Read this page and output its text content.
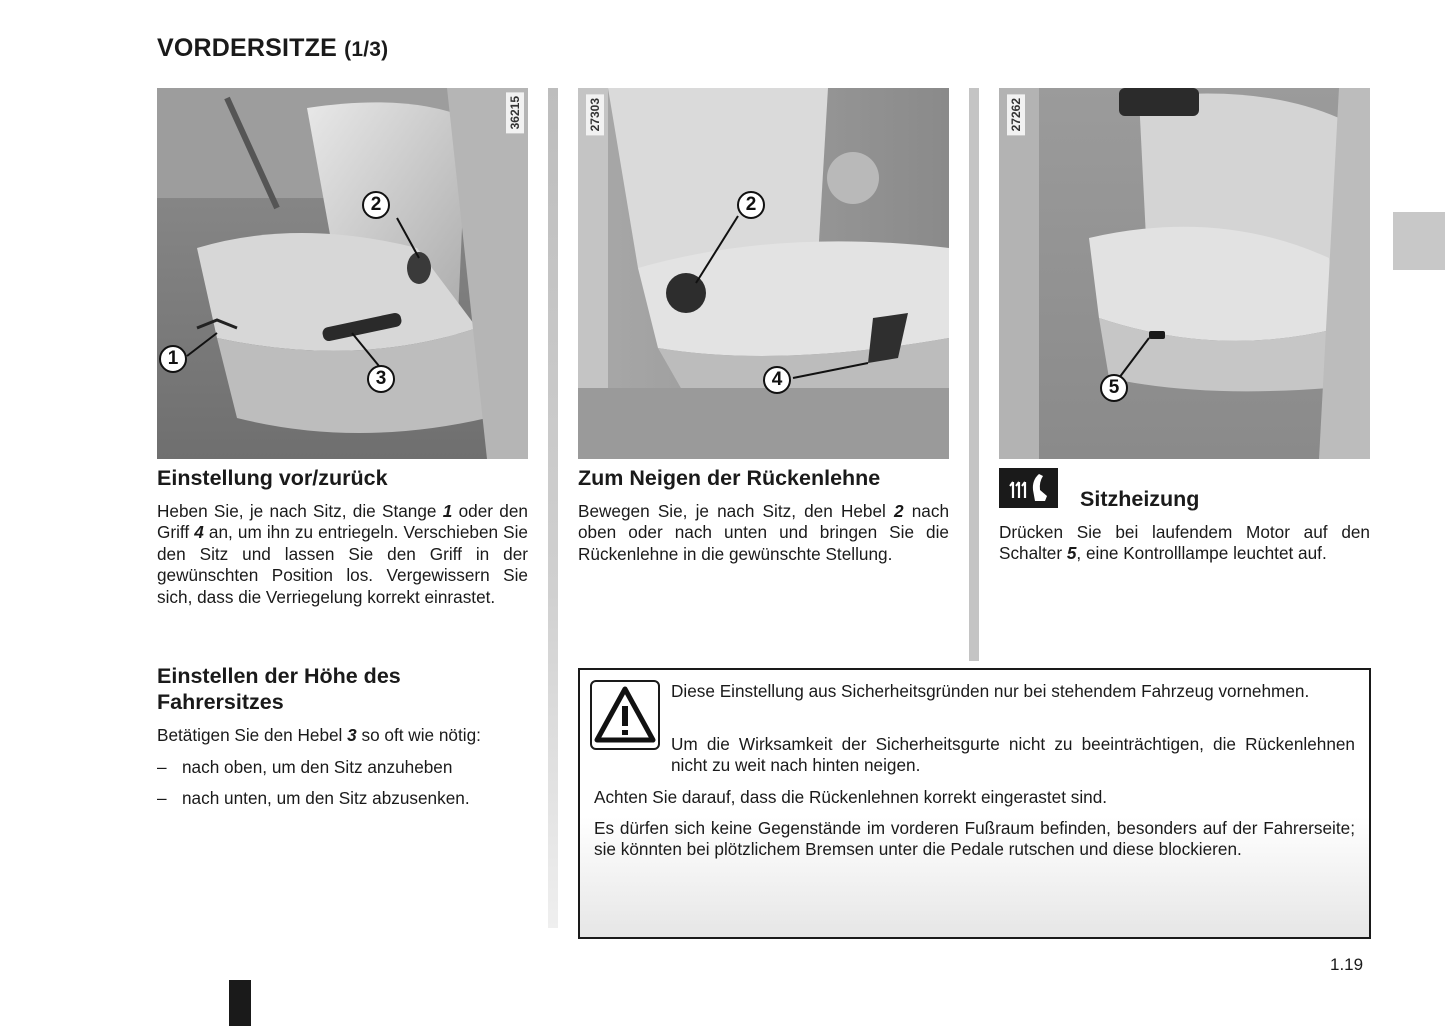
VORDERSITZE (1/3)
36215
2
1
3
27303
2
4
27262
5
Einstellung vor/zurück

Heben Sie, je nach Sitz, die Stange 1 oder den Griff 4 an, um ihn zu entriegeln. Verschieben Sie den Sitz und lassen Sie den Griff in der gewünschten Position los. Vergewissern Sie sich, dass die Verriegelung korrekt einrastet.

Einstellen der Höhe des
Fahrersitzes

Betätigen Sie den Hebel 3 so oft wie nötig:

– nach oben, um den Sitz anzuheben
– nach unten, um den Sitz abzusenken.
Zum Neigen der Rückenlehne

Bewegen Sie, je nach Sitz, den Hebel 2 nach oben oder nach unten und bringen Sie die Rückenlehne in die gewünschte Stellung.

Sitzheizung

Drücken Sie bei laufendem Motor auf den Schalter 5, eine Kontrolllampe leuchtet auf.

Diese Einstellung aus Sicherheitsgründen nur bei stehendem Fahrzeug vornehmen.

Um die Wirksamkeit der Sicherheitsgurte nicht zu beeinträchtigen, die Rückenlehnen nicht zu weit nach hinten neigen.

Achten Sie darauf, dass die Rückenlehnen korrekt eingerastet sind.

Es dürfen sich keine Gegenstände im vorderen Fußraum befinden, besonders auf der Fahrerseite; sie könnten bei plötzlichem Bremsen unter die Pedale rutschen und diese blockieren.

1.19
